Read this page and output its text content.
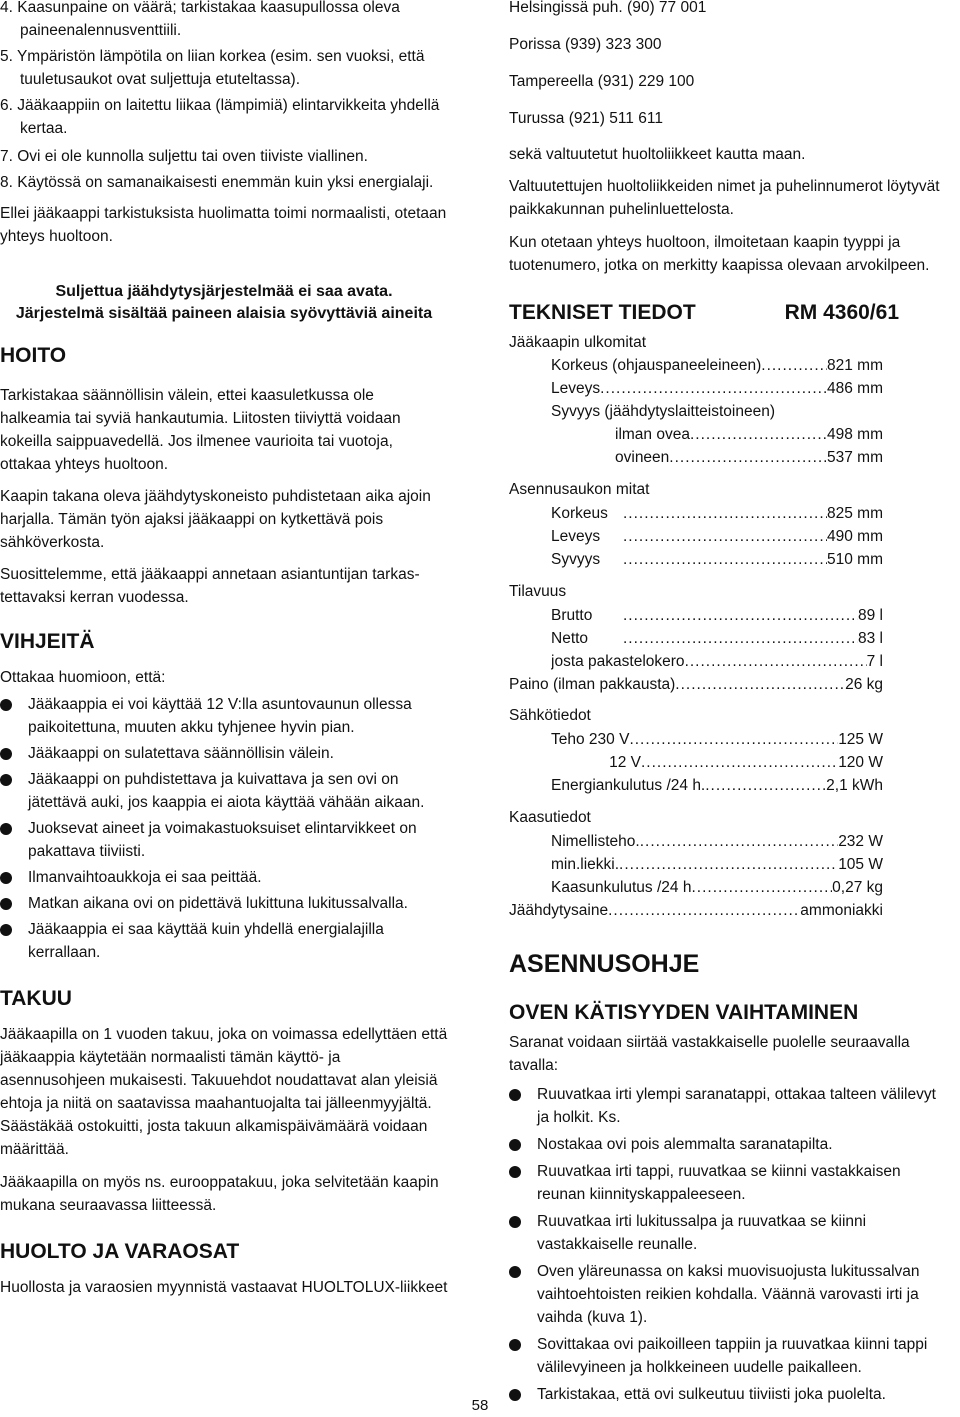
4. Kaasunpaine on väärä; tarkistakaa kaasupullossa oleva paineenalennusventtiili.

5. Ympäristön lämpötila on liian korkea (esim. sen vuoksi, että tuuletusaukot ovat suljettuja etuteltassa).

6. Jääkaappiin on laitettu liikaa (lämpimiä) elintarvikkeita yhdellä kertaa.

7. Ovi ei ole kunnolla suljettu tai oven tiiviste viallinen.

8. Käytössä on samanaikaisesti enemmän kuin yksi energialaji.

Ellei jääkaappi tarkistuksista huolimatta toimi normaalisti, otetaan yhteys huoltoon.

Suljettua jäähdytysjärjestelmää ei saa avata.

Järjestelmä sisältää paineen alaisia syövyttäviä aineita

HOITO

Tarkistakaa säännöllisin välein, ettei kaasuletkussa ole halkeamia tai syviä hankautumia. Liitosten tiiviyttä voidaan kokeilla saippuavedellä. Jos ilmenee vaurioita tai vuotoja, ottakaa yhteys huoltoon.

Kaapin takana oleva jäähdytyskoneisto puhdistetaan aika ajoin harjalla. Tämän työn ajaksi jääkaappi on kytkettävä pois sähköverkosta.

Suosittelemme, että jääkaappi annetaan asiantuntijan tarkas-tettavaksi kerran vuodessa.

VIHJEITÄ

Ottakaa huomioon, että:

Jääkaappia ei voi käyttää 12 V:lla asuntovaunun ollessa paikoitettuna, muuten akku tyhjenee hyvin pian.
Jääkaappi on sulatettava säännöllisin välein.
Jääkaappi on puhdistettava ja kuivattava ja sen ovi on jätettävä auki, jos kaappia ei aiota käyttää vähään aikaan.
Juoksevat aineet ja voimakastuoksuiset elintarvikkeet on pakattava tiiviisti.
Ilmanvaihtoaukkoja ei saa peittää.
Matkan aikana ovi on pidettävä lukittuna lukitussalvalla.
Jääkaappia ei saa käyttää kuin yhdellä energialajilla kerrallaan.
TAKUU

Jääkaapilla on 1 vuoden takuu, joka on voimassa edellyttäen että jääkaappia käytetään normaalisti tämän käyttö- ja asennusohjeen mukaisesti. Takuuehdot noudattavat alan yleisiä ehtoja ja niitä on saatavissa maahantuojalta tai jälleenmyyjältä. Säästäkää ostokuitti, josta takuun alkamispäivämäärä voidaan määrittää.

Jääkaapilla on myös ns. eurooppatakuu, joka selvitetään kaapin mukana seuraavassa liitteessä.

HUOLTO JA VARAOSAT

Huollosta ja varaosien myynnistä vastaavat HUOLTOLUX-liikkeet

Helsingissä puh. (90) 77 001

Porissa (939) 323 300

Tampereella (931) 229 100

Turussa (921) 511 611

sekä valtuutetut huoltoliikkeet kautta maan.

Valtuutettujen huoltoliikkeiden nimet ja puhelinnumerot löytyvät paikkakunnan puhelinluettelosta.

Kun otetaan yhteys huoltoon, ilmoitetaan kaapin tyyppi ja tuotenumero, jotka on merkitty kaapissa olevaan arvokilpeen.

TEKNISET TIEDOT	RM 4360/61

Jääkaapin ulkomitat

Korkeus (ohjauspaneeleineen) .....	821 mm
Leveys .....	486 mm
Syvyys (jäähdytyslaitteistoineen)
ilman ovea .....	498 mm
ovineen .....	537 mm

Asennusaukon mitat

Korkeus .....	825 mm
Leveys .....	490 mm
Syvyys .....	510 mm

Tilavuus

Brutto .....	89 l
Netto .....	83 l
josta pakastelokero .....	7 l
Paino (ilman pakkausta) .....	26 kg

Sähkötiedot

Teho 230 V .....	125 W
12 V .....	120 W
Energiankulutus /24 h. .....	2,1 kWh

Kaasutiedot

Nimellisteho. .....	232 W
min.liekki. .....	105 W
Kaasunkulutus /24 h .....	0,27 kg
Jäähdytysaine .....	ammoniakki
ASENNUSOHJE
OVEN KÄTISYYDEN VAIHTAMINEN

Saranat voidaan siirtää vastakkaiselle puolelle seuraavalla tavalla:

Ruuvatkaa irti ylempi saranatappi, ottakaa talteen välilevyt ja holkit. Ks.
Nostakaa ovi pois alemmalta saranatapilta.
Ruuvatkaa irti tappi, ruuvatkaa se kiinni vastakkaisen reunan kiinnityskappaleeseen.
Ruuvatkaa irti lukitussalpa ja ruuvatkaa se kiinni vastakkaiselle reunalle.
Oven yläreunassa on kaksi muovisuojusta lukitussalvan vaihtoehtoisten reikien kohdalla. Väännä varovasti irti ja vaihda (kuva 1).
Sovittakaa ovi paikoilleen tappiin ja ruuvatkaa kiinni tappi välilevyineen ja holkkeineen uudelle paikalleen.
Tarkistakaa, että ovi sulkeutuu tiiviisti joka puolelta.
58
